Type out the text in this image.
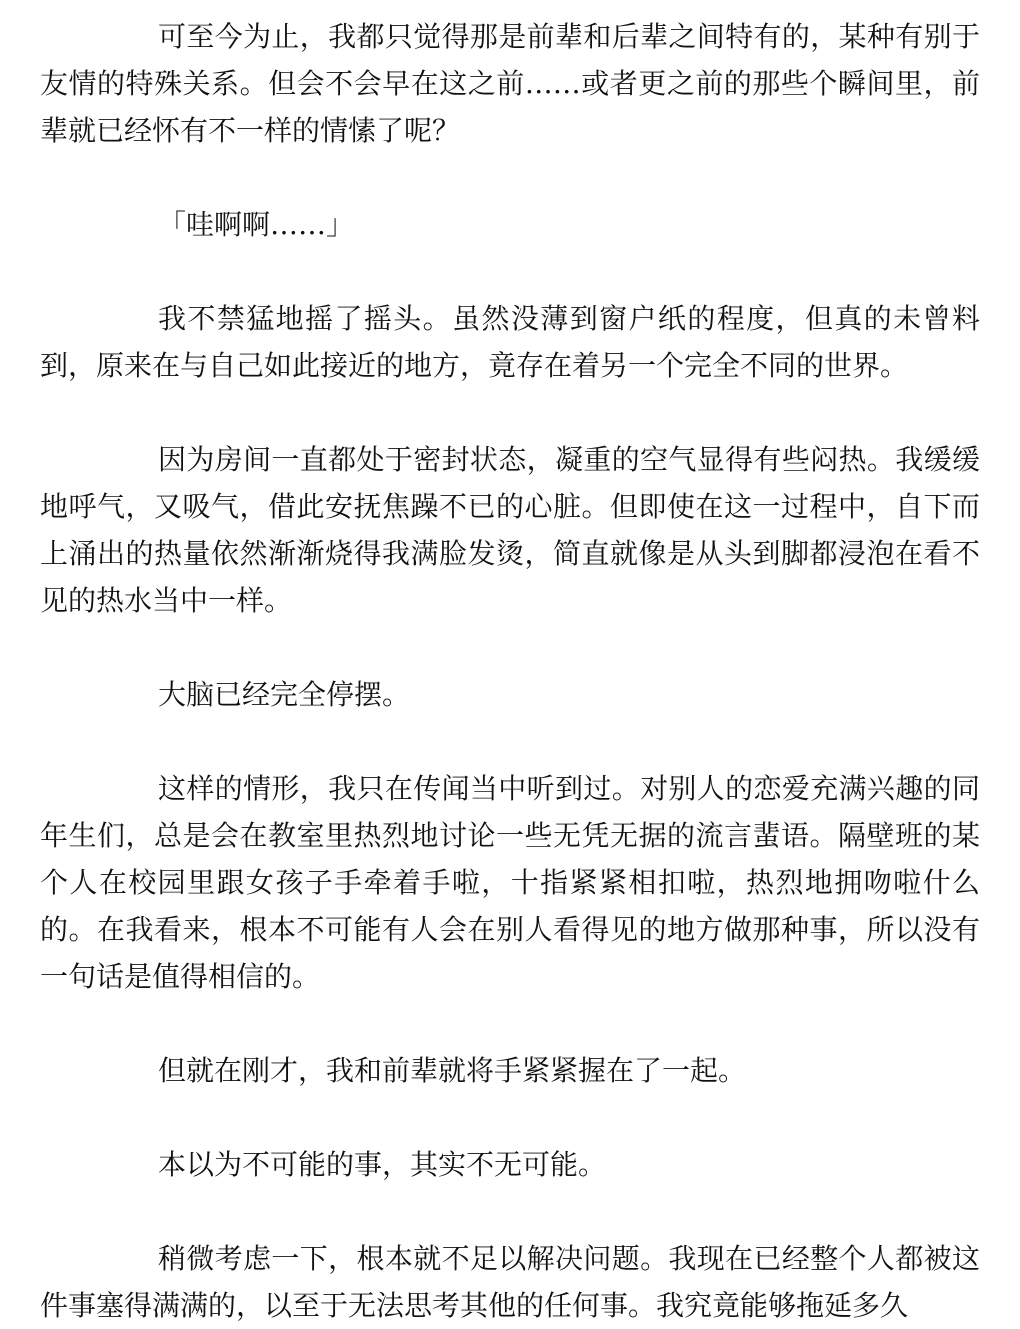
可至今为止，我都只觉得那是前辈和后辈之间特有的，某种有别于友情的特殊关系。但会不会早在这之前……或者更之前的那些个瞬间里，前辈就已经怀有不一样的情愫了呢？

「哇啊啊……」

我不禁猛地摇了摇头。虽然没薄到窗户纸的程度，但真的未曾料到，原来在与自己如此接近的地方，竟存在着另一个完全不同的世界。

因为房间一直都处于密封状态，凝重的空气显得有些闷热。我缓缓地呼气，又吸气，借此安抚焦躁不已的心脏。但即使在这一过程中，自下而上涌出的热量依然渐渐烧得我满脸发烫，简直就像是从头到脚都浸泡在看不见的热水当中一样。

大脑已经完全停摆。

这样的情形，我只在传闻当中听到过。对别人的恋爱充满兴趣的同年生们，总是会在教室里热烈地讨论一些无凭无据的流言蜚语。隔壁班的某个人在校园里跟女孩子手牵着手啦，十指紧紧相扣啦，热烈地拥吻啦什么的。在我看来，根本不可能有人会在别人看得见的地方做那种事，所以没有一句话是值得相信的。

但就在刚才，我和前辈就将手紧紧握在了一起。

本以为不可能的事，其实不无可能。

稍微考虑一下，根本就不足以解决问题。我现在已经整个人都被这件事塞得满满的，以至于无法思考其他的任何事。我究竟能够拖延多久
